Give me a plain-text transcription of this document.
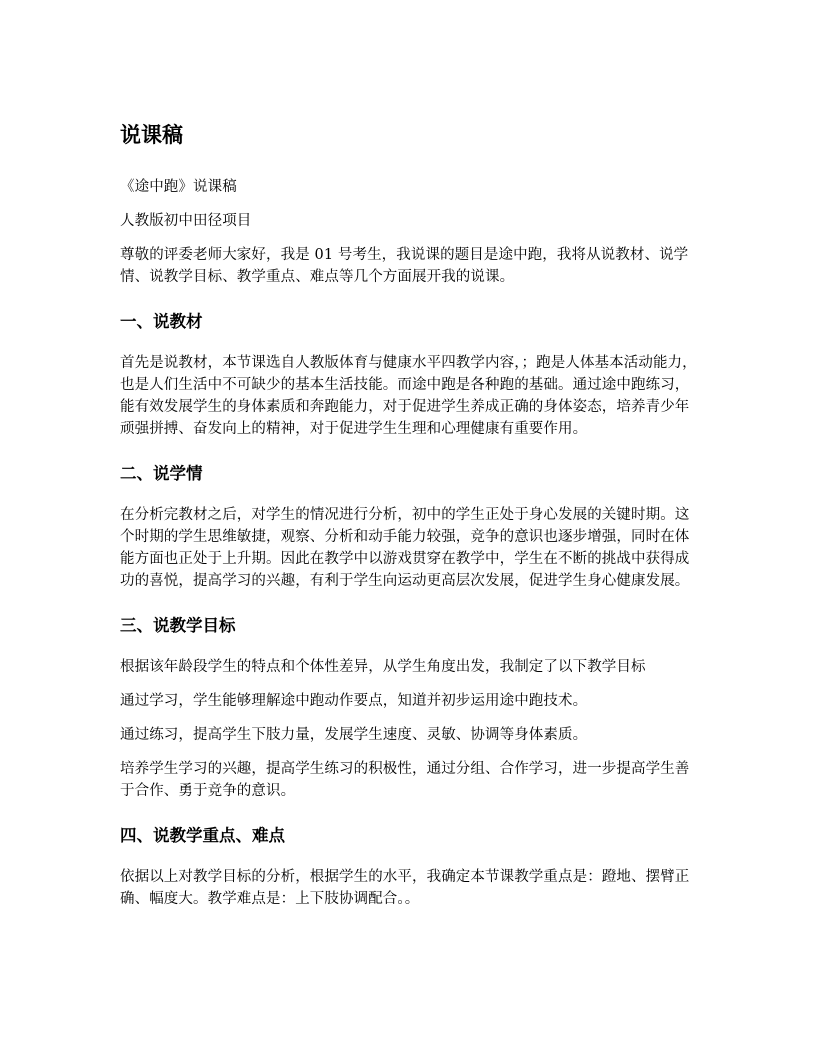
说课稿

《途中跑》说课稿

人教版初中田径项目

尊敬的评委老师大家好，我是 01 号考生，我说课的题目是途中跑，我将从说教材、说学情、说教学目标、教学重点、难点等几个方面展开我的说课。

一、说教材

首先是说教材，本节课选自人教版体育与健康水平四教学内容，；跑是人体基本活动能力，也是人们生活中不可缺少的基本生活技能。而途中跑是各种跑的基础。通过途中跑练习，能有效发展学生的身体素质和奔跑能力，对于促进学生养成正确的身体姿态，培养青少年顽强拼搏、奋发向上的精神，对于促进学生生理和心理健康有重要作用。

二、说学情

在分析完教材之后，对学生的情况进行分析，初中的学生正处于身心发展的关键时期。这个时期的学生思维敏捷，观察、分析和动手能力较强，竞争的意识也逐步增强，同时在体能方面也正处于上升期。因此在教学中以游戏贯穿在教学中，学生在不断的挑战中获得成功的喜悦，提高学习的兴趣，有利于学生向运动更高层次发展，促进学生身心健康发展。

三、说教学目标

根据该年龄段学生的特点和个体性差异，从学生角度出发，我制定了以下教学目标

通过学习，学生能够理解途中跑动作要点，知道并初步运用途中跑技术。

通过练习，提高学生下肢力量，发展学生速度、灵敏、协调等身体素质。

培养学生学习的兴趣，提高学生练习的积极性，通过分组、合作学习，进一步提高学生善于合作、勇于竞争的意识。

四、说教学重点、难点

依据以上对教学目标的分析，根据学生的水平，我确定本节课教学重点是：蹬地、摆臂正确、幅度大。教学难点是：上下肢协调配合。。
